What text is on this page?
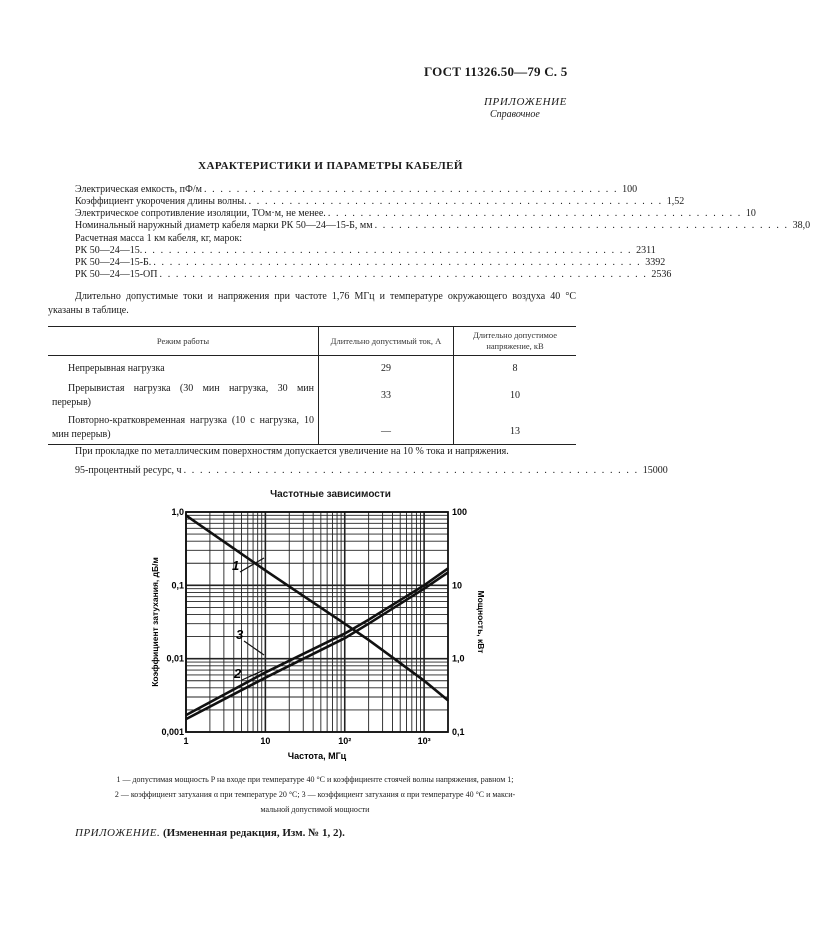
ГОСТ 11326.50—79 С. 5
ПРИЛОЖЕНИЕ
Справочное
ХАРАКТЕРИСТИКИ И ПАРАМЕТРЫ КАБЕЛЕЙ
Электрическая емкость, пФ/м . . . . . . . . . . . . . . . . . . . . . . . . . . . . . . . . . . . . . . . . . . . . . . . . . . . 100
Коэффициент укорочения длины волны. . . . . . . . . . . . . . . . . . . . . . . . . . . . . . . . . . . . . . . . . . . . . . . . . . . . 1,52
Электрическое сопротивление изоляции, ТОм·м, не менее. . . . . . . . . . . . . . . . . . . . . . . . . . . . . . . . . . . . . . . . . . . . . . . . . . . . 10
Номинальный наружный диаметр кабеля марки РК 50—24—15-Б, мм . . . . . . . . . . . . . . . . . . . . . . . . . . . . . . . . . . . . . . . . . . . . . . . . . . . 38,0
Расчетная масса 1 км кабеля, кг, марок:
РК 50—24—15. . . . . . . . . . . . . . . . . . . . . . . . . . . . . . . . . . . . . . . . . . . . . . . . . . . . . . . . . . . . . 2311
РК 50—24—15-Б. . . . . . . . . . . . . . . . . . . . . . . . . . . . . . . . . . . . . . . . . . . . . . . . . . . . . . . . . . . . . 3392
РК 50—24—15-ОП . . . . . . . . . . . . . . . . . . . . . . . . . . . . . . . . . . . . . . . . . . . . . . . . . . . . . . . . . . . . 2536
Длительно допустимые токи и напряжения при частоте 1,76 МГц и температуре окружающего воздуха 40 °С указаны в таблице.
Режим работы	Длительно допустимый ток, А	Длительно допустимое напряжение, кВ
Непрерывная нагрузка	29	8
Прерывистая нагрузка (30 мин нагрузка, 30 мин перерыв)	33	10
Повторно-кратковременная нагрузка (10 с нагрузка, 10 мин перерыв)	—	13
При прокладке по металлическим поверхностям допускается увеличение на 10 % тока и напряжения.
95-процентный ресурс, ч . . . . . . . . . . . . . . . . . . . . . . . . . . . . . . . . . . . . . . . . . . . . . . . . . . . . . . . . 15000
Частотные зависимости
1	10	10²	10³
0,001
0,01
0,1
1,0
0,1
1,0
10
100
Частота, МГц
Коэффициент затухания, дБ/м	Мощность, кВт
1
2
3
1 — допустимая мощность P на входе при температуре 40 °С и коэффициенте стоячей волны напряжения, равном 1;
2 — коэффициент затухания α при температуре 20 °С; 3 — коэффициент затухания α при температуре 40 °С и макси-
мальной допустимой мощности
ПРИЛОЖЕНИЕ. (Измененная редакция, Изм. № 1, 2).
